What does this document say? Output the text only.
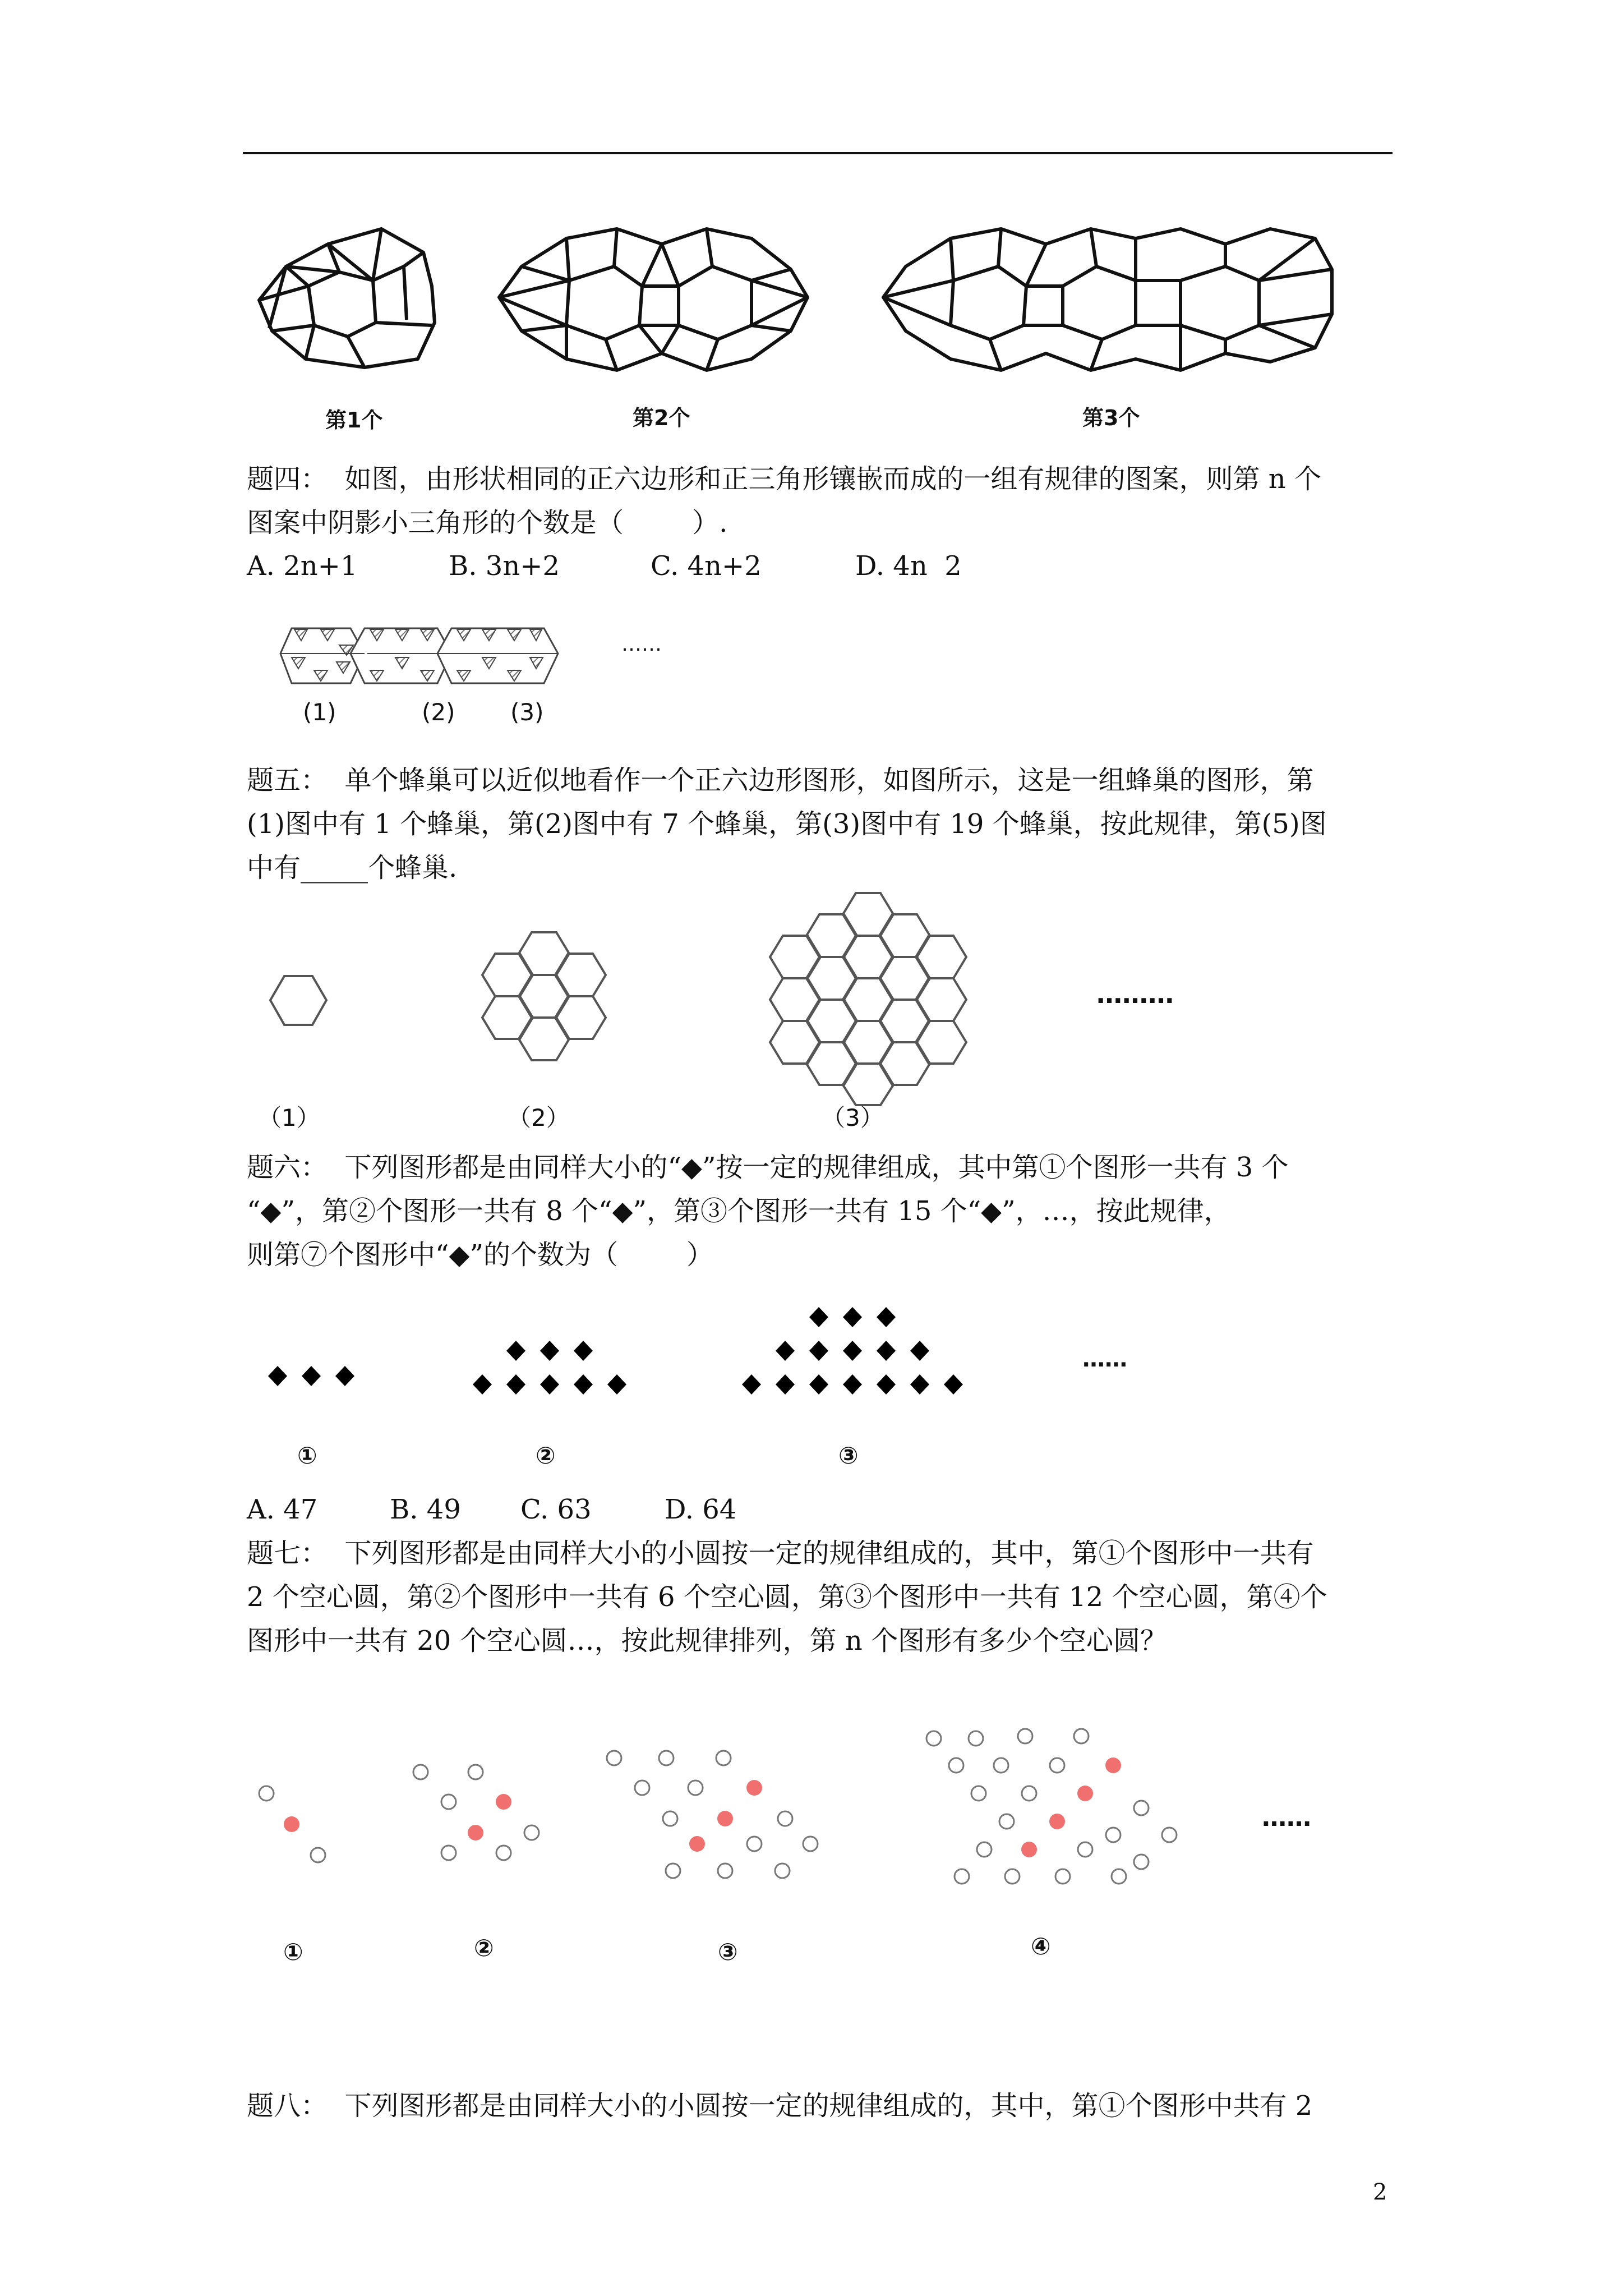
第1个	第2个	第3个
题四：  如图，由形状相同的正六边形和正三角形镶嵌而成的一组有规律的图案，则第 n 个
图案中阴影小三角形的个数是（        ）.
A. 2n+1	B. 3n+2	C. 4n+2	D. 4n  2
……
(1)	(2) (3)
题五：  单个蜂巢可以近似地看作一个正六边形图形，如图所示，这是一组蜂巢的图形，第
(1)图中有 1 个蜂巢，第(2)图中有 7 个蜂巢，第(3)图中有 19 个蜂巢，按此规律，第(5)图
中有_____个蜂巢.
………
（1）	（2）	（3）
题六：  下列图形都是由同样大小的“◆”按一定的规律组成，其中第①个图形一共有 3 个
“◆”，第②个图形一共有 8 个“◆”，第③个图形一共有 15 个“◆”，…，按此规律，
则第⑦个图形中“◆”的个数为（        ）
……
①	②	③
A. 47	B. 49 C. 63	D. 64
题七：  下列图形都是由同样大小的小圆按一定的规律组成的，其中，第①个图形中一共有
2 个空心圆，第②个图形中一共有 6 个空心圆，第③个图形中一共有 12 个空心圆，第④个
图形中一共有 20 个空心圆…，按此规律排列，第 n 个图形有多少个空心圆？
……
①	②	③	④
题八：  下列图形都是由同样大小的小圆按一定的规律组成的，其中，第①个图形中共有 2
2
